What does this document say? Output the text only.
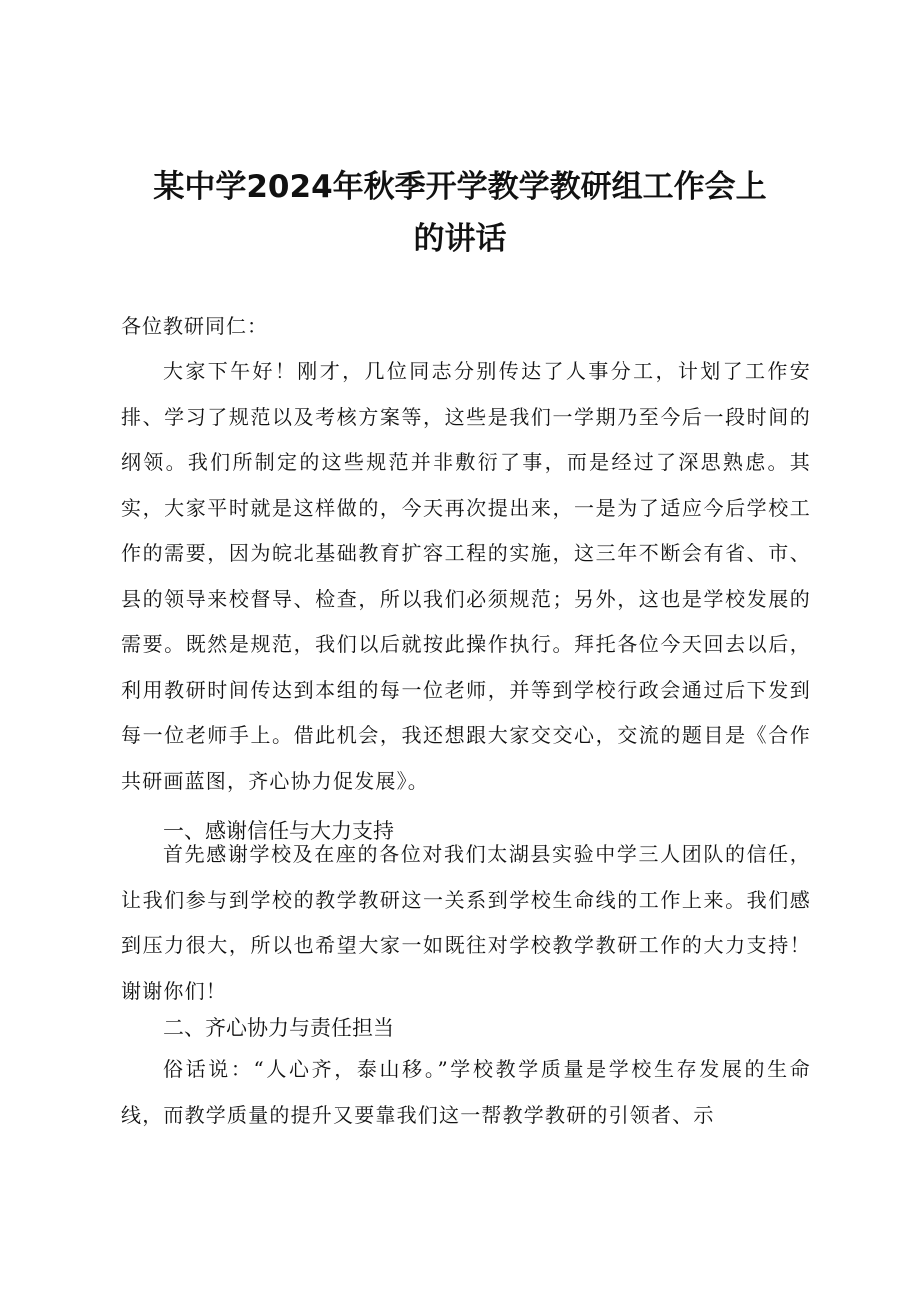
某中学2024年秋季开学教学教研组工作会上
的讲话
各位教研同仁：

大家下午好！刚才，几位同志分别传达了人事分工，计划了工作安排、学习了规范以及考核方案等，这些是我们一学期乃至今后一段时间的纲领。我们所制定的这些规范并非敷衍了事，而是经过了深思熟虑。其实，大家平时就是这样做的，今天再次提出来，一是为了适应今后学校工作的需要，因为皖北基础教育扩容工程的实施，这三年不断会有省、市、县的领导来校督导、检查，所以我们必须规范；另外，这也是学校发展的需要。既然是规范，我们以后就按此操作执行。拜托各位今天回去以后，利用教研时间传达到本组的每一位老师，并等到学校行政会通过后下发到每一位老师手上。借此机会，我还想跟大家交交心，交流的题目是《合作共研画蓝图，齐心协力促发展》。

一、感谢信任与大力支持

首先感谢学校及在座的各位对我们太湖县实验中学三人团队的信任，让我们参与到学校的教学教研这一关系到学校生命线的工作上来。我们感到压力很大，所以也希望大家一如既往对学校教学教研工作的大力支持！谢谢你们！

二、齐心协力与责任担当

俗话说：“人心齐，泰山移。”学校教学质量是学校生存发展的生命线，而教学质量的提升又要靠我们这一帮教学教研的引领者、示
